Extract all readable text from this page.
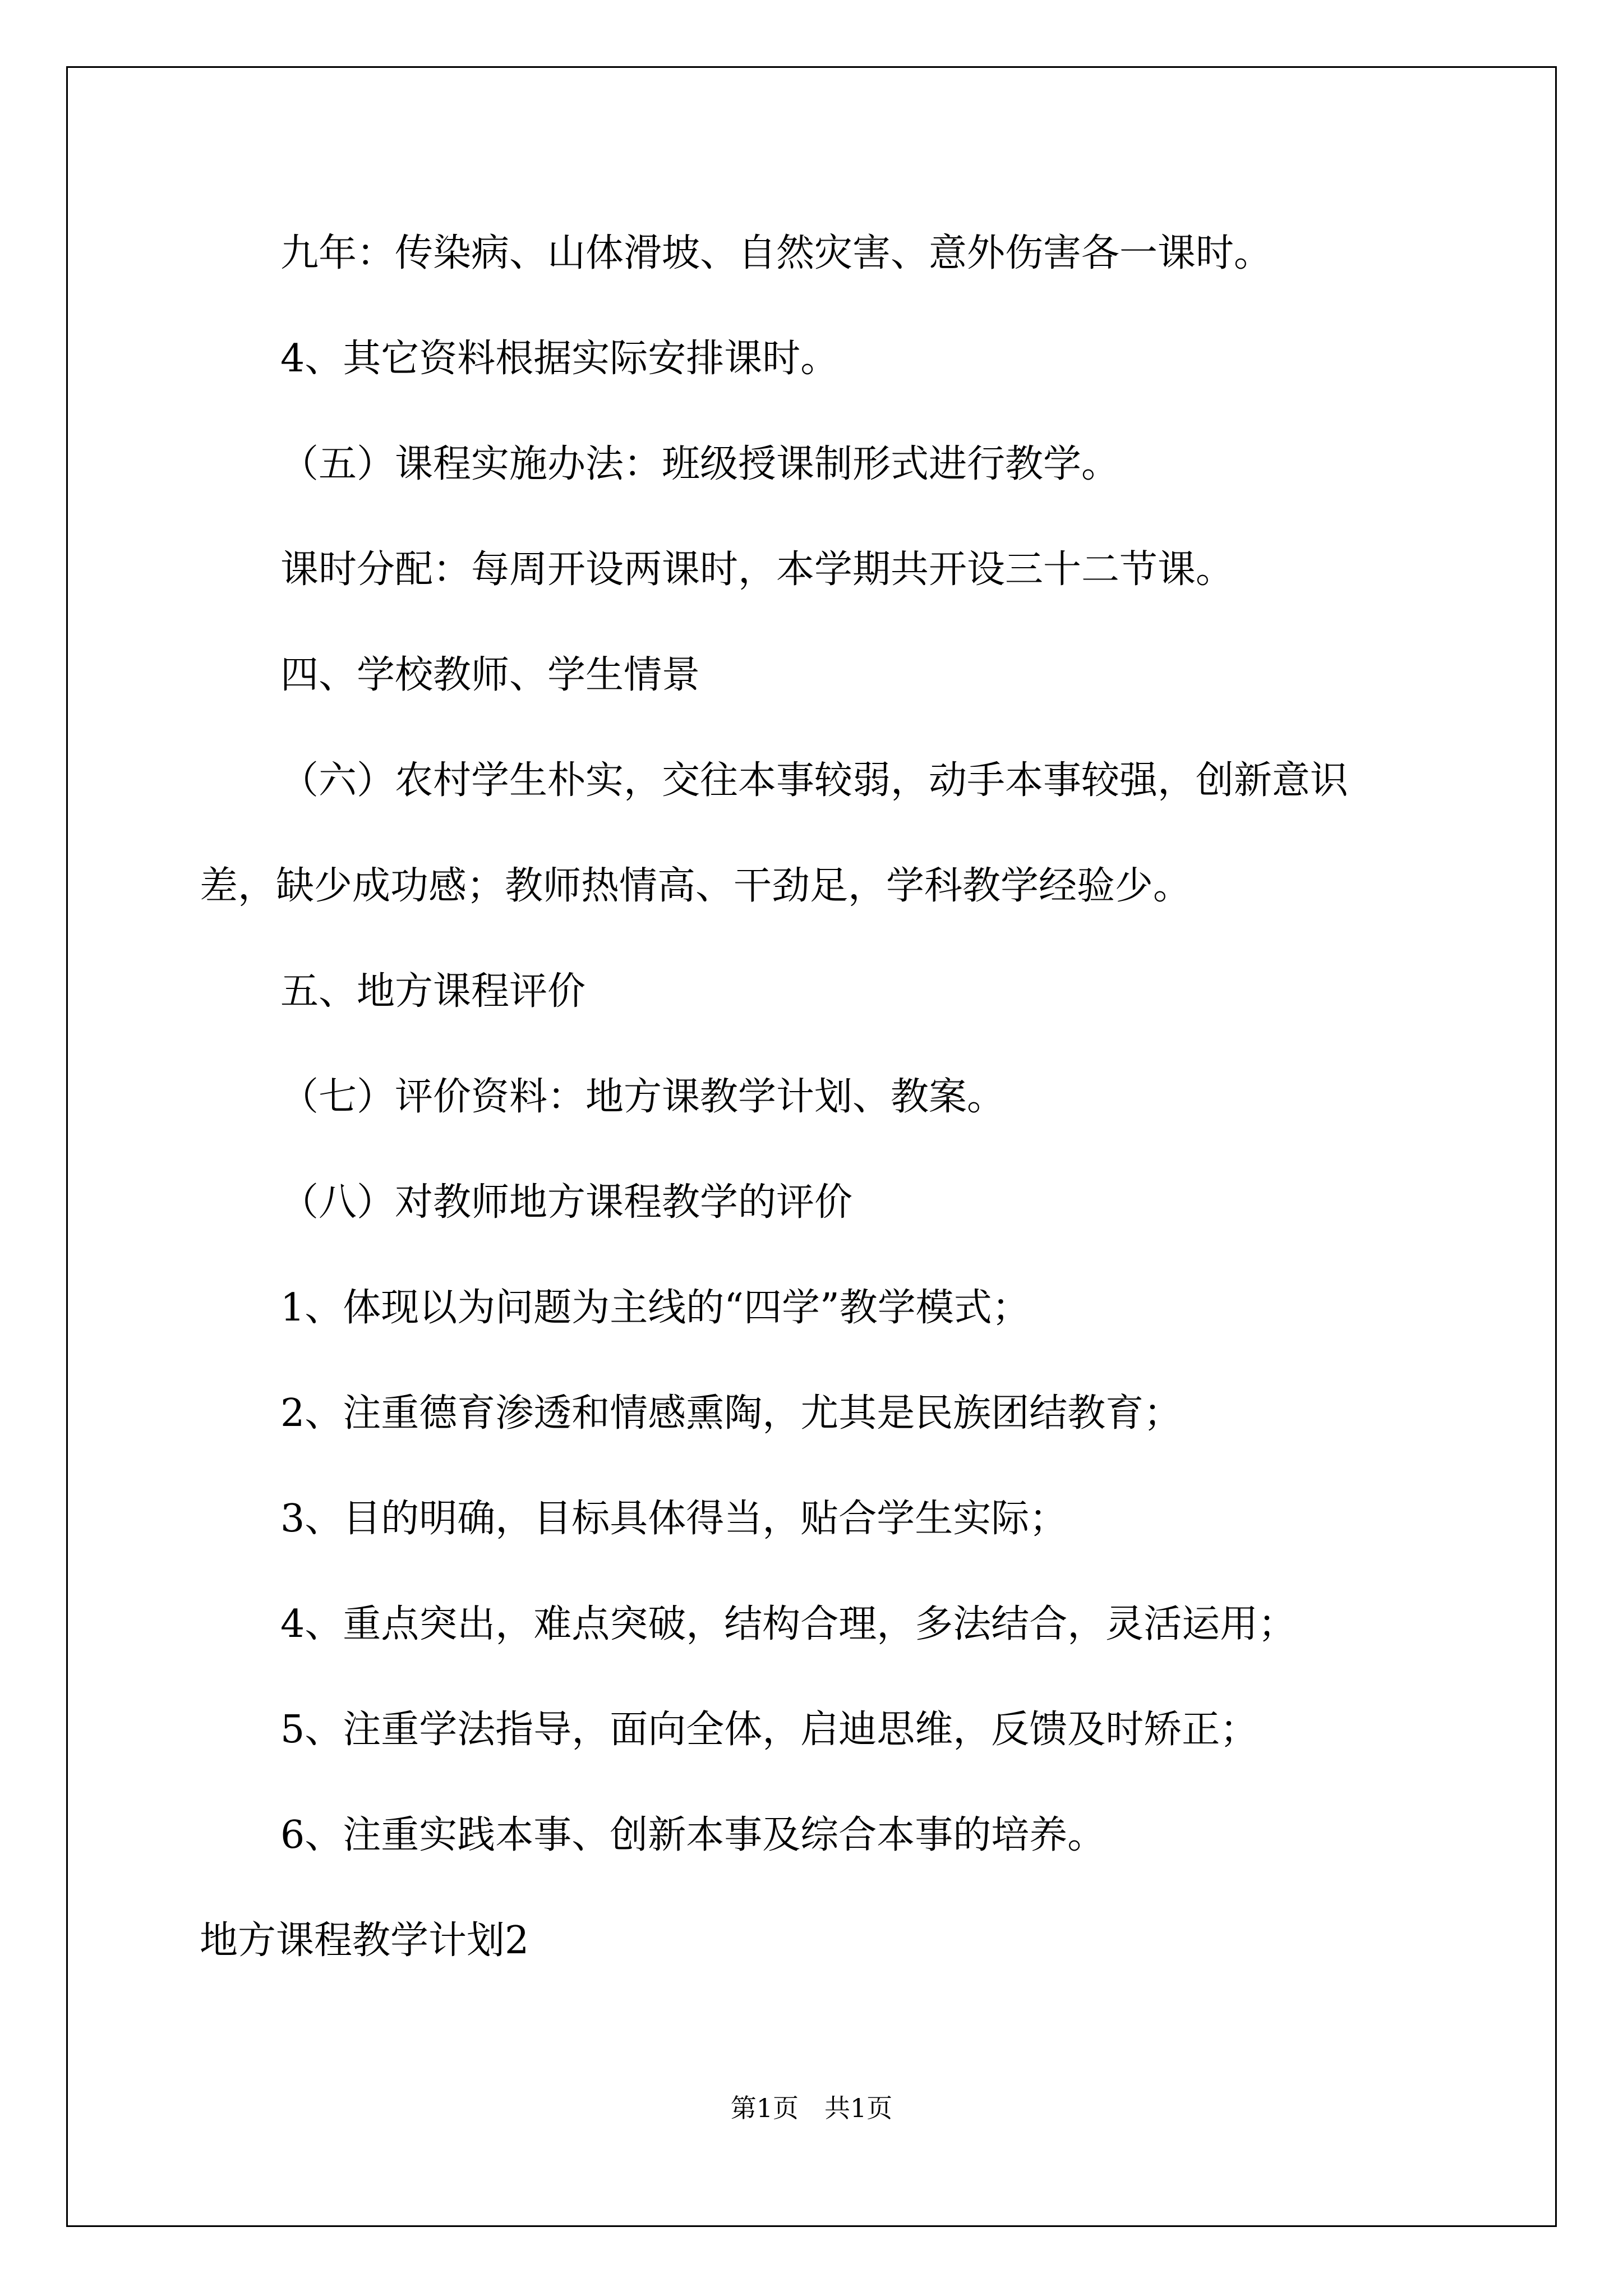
九年：传染病、山体滑坡、自然灾害、意外伤害各一课时。
4、其它资料根据实际安排课时。
（五）课程实施办法：班级授课制形式进行教学。
课时分配：每周开设两课时，本学期共开设三十二节课。
四、学校教师、学生情景
（六）农村学生朴实，交往本事较弱，动手本事较强，创新意识
差，缺少成功感；教师热情高、干劲足，学科教学经验少。
五、地方课程评价
（七）评价资料：地方课教学计划、教案。
（八）对教师地方课程教学的评价
1、体现以为问题为主线的“四学”教学模式；
2、注重德育渗透和情感熏陶，尤其是民族团结教育；
3、目的明确，目标具体得当，贴合学生实际；
4、重点突出，难点突破，结构合理，多法结合，灵活运用；
5、注重学法指导，面向全体，启迪思维，反馈及时矫正；
6、注重实践本事、创新本事及综合本事的培养。
地方课程教学计划2
第1页　共1页
